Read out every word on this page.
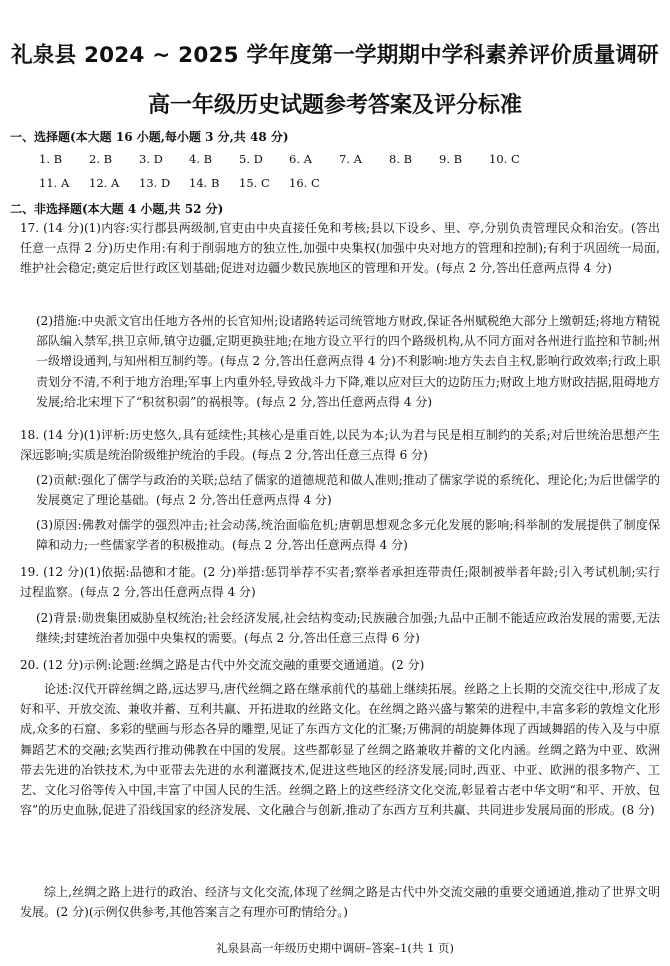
礼泉县 2024 ~ 2025 学年度第一学期期中学科素养评价质量调研
高一年级历史试题参考答案及评分标准
一、选择题(本大题 16 小题,每小题 3 分,共 48 分)
1. B	2. B	3. D	4. B	5. D	6. A	7. A	8. B	9. B	10. C
11. A	12. A	13. D	14. B	15. C	16. C
二、非选择题(本大题 4 小题,共 52 分)
17. (14 分)(1)内容:实行郡县两级制,官吏由中央直接任免和考核;县以下设乡、里、亭,分别负责管理民众和治安。(答出任意一点得 2 分)历史作用:有利于削弱地方的独立性,加强中央集权(加强中央对地方的管理和控制);有利于巩固统一局面,维护社会稳定;奠定后世行政区划基础;促进对边疆少数民族地区的管理和开发。(每点 2 分,答出任意两点得 4 分)
(2)措施:中央派文官出任地方各州的长官知州;设诸路转运司统管地方财政,保证各州赋税绝大部分上缴朝廷;将地方精锐部队编入禁军,拱卫京师,镇守边疆,定期更换驻地;在地方设立平行的四个路级机构,从不同方面对各州进行监控和节制;州一级增设通判,与知州相互制约等。(每点 2 分,答出任意两点得 4 分)不利影响:地方失去自主权,影响行政效率;行政上职责划分不清,不利于地方治理;军事上内重外轻,导致战斗力下降,难以应对巨大的边防压力;财政上地方财政拮据,阻碍地方发展;给北宋埋下了“积贫积弱”的祸根等。(每点 2 分,答出任意两点得 4 分)
18. (14 分)(1)评析:历史悠久,具有延续性;其核心是重百姓,以民为本;认为君与民是相互制约的关系;对后世统治思想产生深远影响;实质是统治阶级维护统治的手段。(每点 2 分,答出任意三点得 6 分)
(2)贡献:强化了儒学与政治的关联;总结了儒家的道德规范和做人准则;推动了儒家学说的系统化、理论化;为后世儒学的发展奠定了理论基础。(每点 2 分,答出任意两点得 4 分)
(3)原因:佛教对儒学的强烈冲击;社会动荡,统治面临危机;唐朝思想观念多元化发展的影响;科举制的发展提供了制度保障和动力;一些儒家学者的积极推动。(每点 2 分,答出任意两点得 4 分)
19. (12 分)(1)依据:品德和才能。(2 分)举措:惩罚举荐不实者;察举者承担连带责任;限制被举者年龄;引入考试机制;实行过程监察。(每点 2 分,答出任意两点得 4 分)
(2)背景:勋贵集团威胁皇权统治;社会经济发展,社会结构变动;民族融合加强;九品中正制不能适应政治发展的需要,无法继续;封建统治者加强中央集权的需要。(每点 2 分,答出任意三点得 6 分)
20. (12 分)示例:论题:丝绸之路是古代中外交流交融的重要交通通道。(2 分)
论述:汉代开辟丝绸之路,远达罗马,唐代丝绸之路在继承前代的基础上继续拓展。丝路之上长期的交流交往中,形成了友好和平、开放交流、兼收并蓄、互利共赢、开拓进取的丝路文化。在丝绸之路兴盛与繁荣的进程中,丰富多彩的敦煌文化形成,众多的石窟、多彩的壁画与形态各异的雕塑,见证了东西方文化的汇聚;万佛洞的胡旋舞体现了西域舞蹈的传入及与中原舞蹈艺术的交融;玄奘西行推动佛教在中国的发展。这些都彰显了丝绸之路兼收并蓄的文化内涵。丝绸之路为中亚、欧洲带去先进的冶铁技术,为中亚带去先进的水利灌溉技术,促进这些地区的经济发展;同时,西亚、中亚、欧洲的很多物产、工艺、文化习俗等传入中国,丰富了中国人民的生活。丝绸之路上的这些经济文化交流,彰显着古老中华文明“和平、开放、包容”的历史血脉,促进了沿线国家的经济发展、文化融合与创新,推动了东西方互利共赢、共同进步发展局面的形成。(8 分)
综上,丝绸之路上进行的政治、经济与文化交流,体现了丝绸之路是古代中外交流交融的重要交通通道,推动了世界文明发展。(2 分)(示例仅供参考,其他答案言之有理亦可酌情给分。)
礼泉县高一年级历史期中调研–答案–1(共 1 页)
